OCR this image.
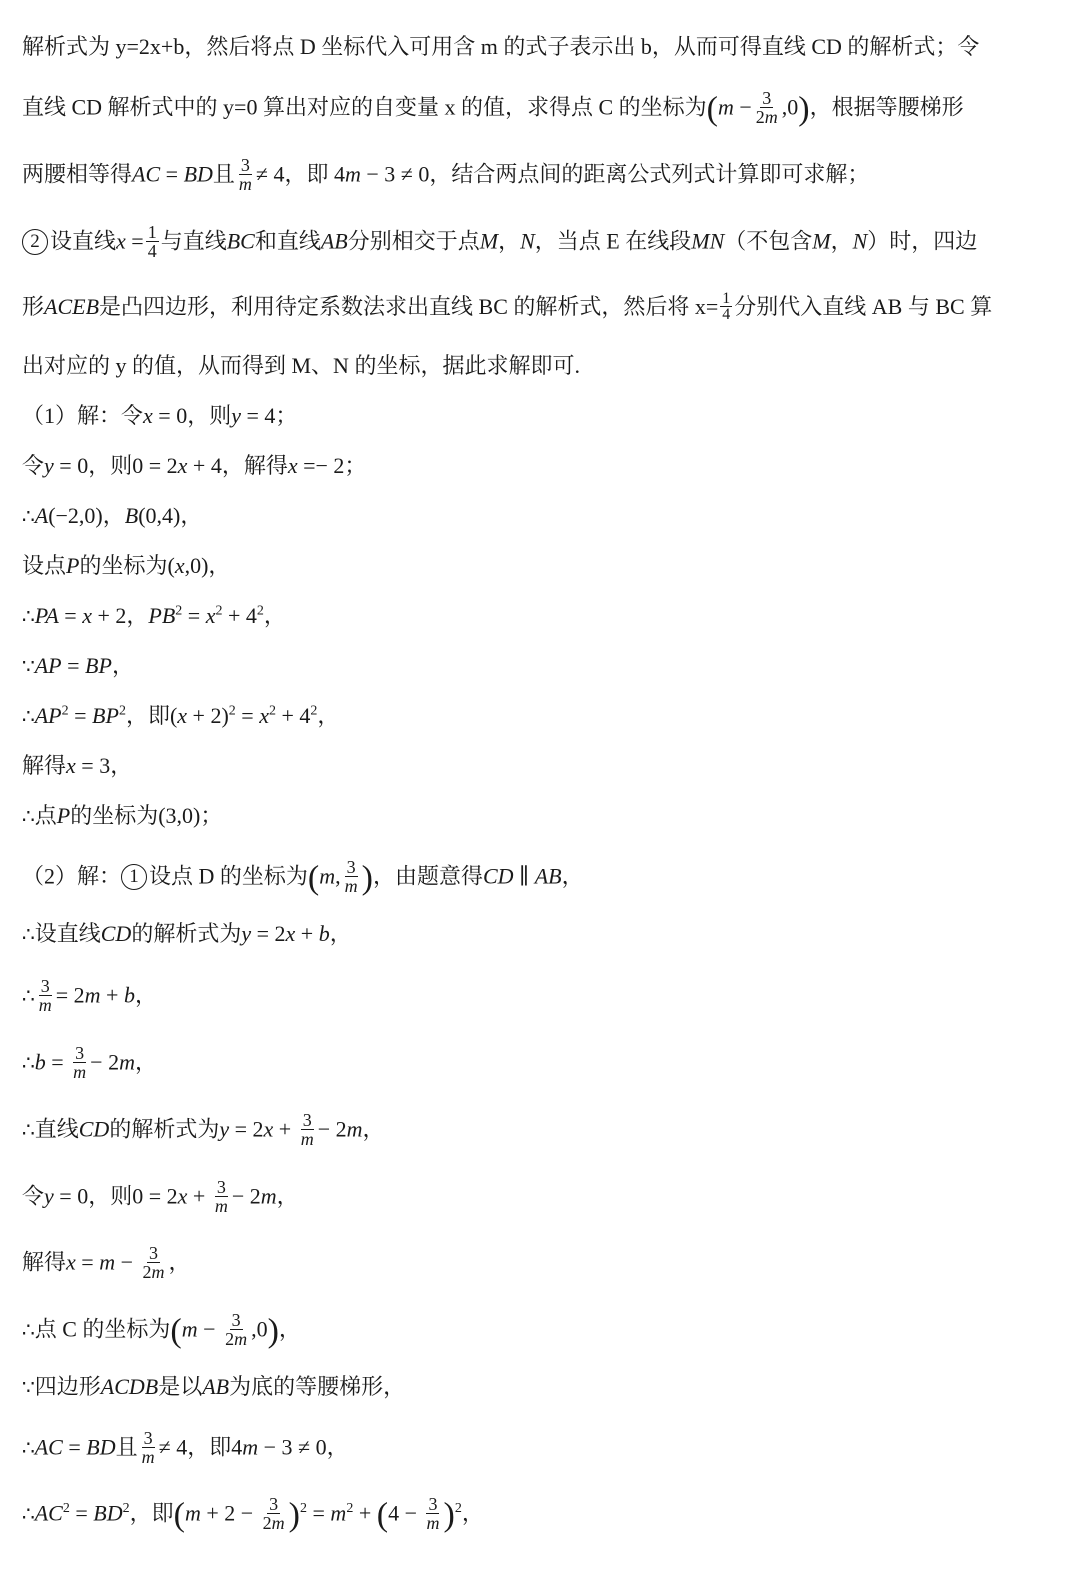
解析式为 y=2x+b，然后将点 D 坐标代入可用含 m 的式子表示出 b，从而可得直线 CD 的解析式；令
直线 CD 解析式中的 y=0 算出对应的自变量 x 的值，求得点 C 的坐标为$(m - \frac{3}{2m} ,0)$，根据等腰梯形
两腰相等得AC = BD且 $\frac{3}{m} \ne 4$，即 4m − 3 ≠ 0，结合两点间的距离公式列式计算即可求解；
2 设直线$x = \frac{1}{4}$ 与直线BC和直线AB分别相交于点M，N，当点 E 在线段MN（不包含M，N）时，四边
形ACEB是凸四边形，利用待定系数法求出直线 BC 的解析式，然后将 $x= \frac{1}{4}$ 分别代入直线 AB 与 BC 算
出对应的 y 的值，从而得到 M、N 的坐标，据此求解即可.
（1）解：令x = 0，则y = 4；
令y = 0，则0 = 2x + 4，解得x =− 2；
∴A(−2,0)，B(0,4)，
设点P的坐标为(x,0)，
∴PA = x + 2，$PB^2 = x^2 + 4^2$，
∵AP = BP，
$\therefore AP^2 = BP^2$，即$(x + 2)^2 = x^2 + 4^2$，
解得x = 3，
∴点P的坐标为(3,0)；
（2）解： 1 设点 D 的坐标为(m, $\frac{3}{m}$ )，由题意得CD ∥ AB，
∴设直线CD的解析式为y = 2x + b，
∴ $\frac{3}{m} = 2m + b$，
∴b = $\frac{3}{m} - 2m$，
∴直线CD的解析式为$y = 2x + \frac{3}{m} - 2m$，
令y = 0，则$0 = 2x + \frac{3}{m} - 2m$，
解得$x = m - \frac{3}{2m}$ ，
∴点 C 的坐标为$(m - \frac{3}{2m} ,0)$，
∵四边形ACDB是以AB为底的等腰梯形，
∴AC = BD且 $\frac{3}{m} \ne 4$，即4m − 3 ≠ 0，
$\therefore AC^2 = BD^2$，即$(m + 2 - \frac{3}{2m} )^2 = m^2 + (4 - \frac{3}{m} )^2$，
